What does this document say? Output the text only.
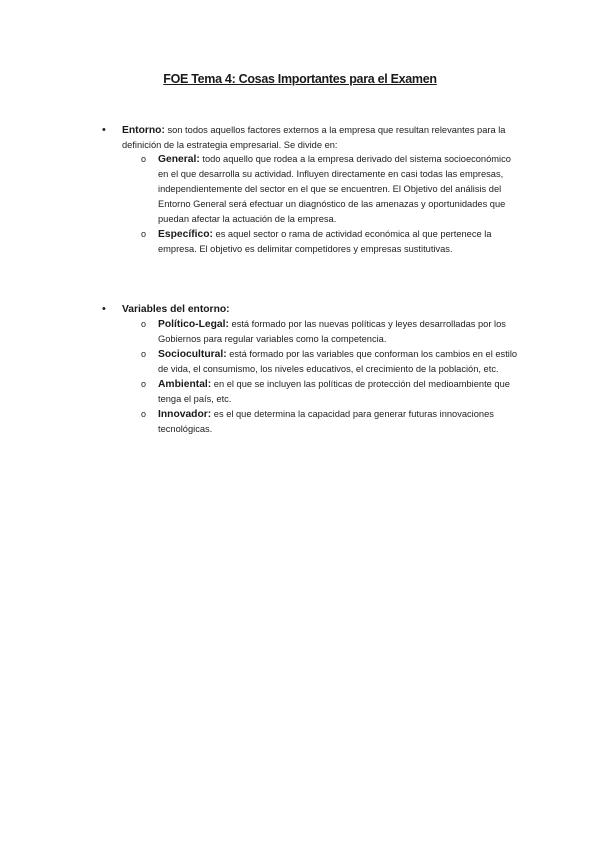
FOE Tema 4: Cosas Importantes para el Examen
• Entorno: son todos aquellos factores externos a la empresa que resultan relevantes para la definición de la estrategia empresarial. Se divide en:
o General: todo aquello que rodea a la empresa derivado del sistema socioeconómico en el que desarrolla su actividad. Influyen directamente en casi todas las empresas, independientemente del sector en el que se encuentren. El Objetivo del análisis del Entorno General será efectuar un diagnóstico de las amenazas y oportunidades que puedan afectar la actuación de la empresa.
o Específico: es aquel sector o rama de actividad económica al que pertenece la empresa. El objetivo es delimitar competidores y empresas sustitutivas.
• Variables del entorno:
o Político-Legal: está formado por las nuevas políticas y leyes desarrolladas por los Gobiernos para regular variables como la competencia.
o Sociocultural: está formado por las variables que conforman los cambios en el estilo de vida, el consumismo, los niveles educativos, el crecimiento de la población, etc.
o Ambiental: en el que se incluyen las políticas de protección del medioambiente que tenga el país, etc.
o Innovador: es el que determina la capacidad para generar futuras innovaciones tecnológicas.
